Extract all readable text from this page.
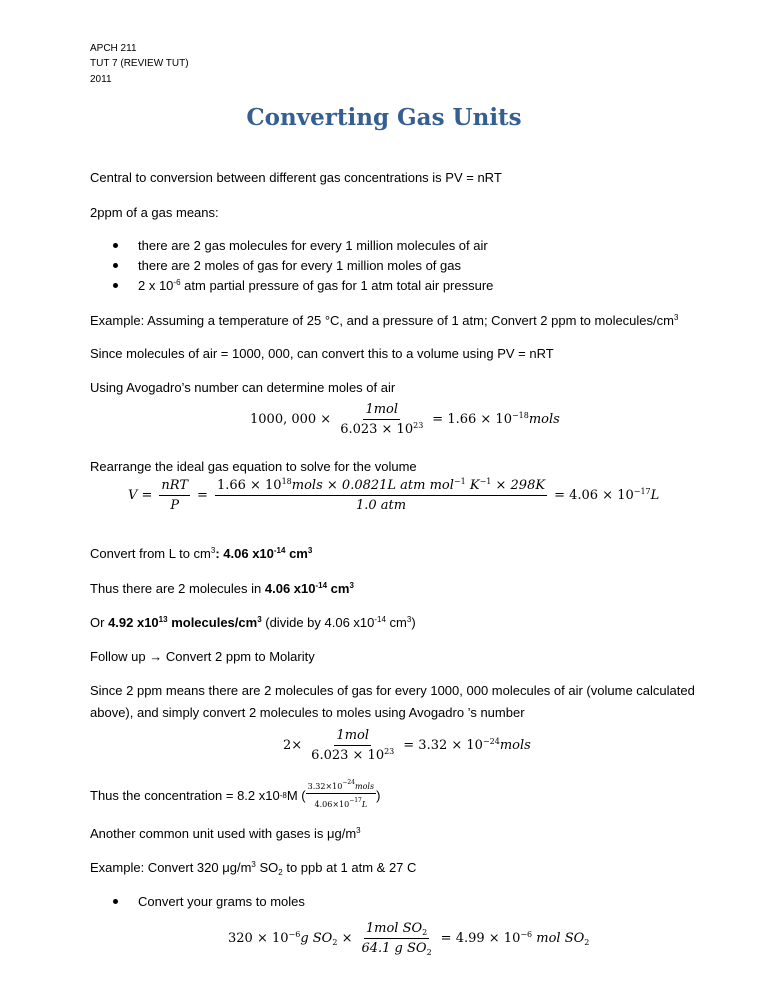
APCH 211
TUT 7 (REVIEW TUT)
2011
Converting Gas Units
Central to conversion between different gas concentrations is PV = nRT
2ppm of a gas means:
there are 2 gas molecules for every 1 million molecules of air
there are 2 moles of gas for every 1 million moles of gas
2 x $10^{-6}$ atm partial pressure of gas for 1 atm total air pressure
Example: Assuming a temperature of 25 °C, and a pressure of 1 atm; Convert 2 ppm to molecules/$cm^3$
Since molecules of air = 1000, 000, can convert this to a volume using PV = nRT
Using Avogadro’s number can determine moles of air
1000, $000 \times \frac{\text{1mol}}{6.023 \times 10^{23}} = 1.66$ × $10^{-18}mols$
Rearrange the ideal gas equation to solve for the volume
$V = \frac{\text{nRT}}{P} = \frac{1.66 \times 10^{18}mols \times 0.0821L atm mol^{-1} K^{-1} \times 298K}{\text{1.0 atm}} = 4.06 \times 10^{-17}L$
Convert from L to $cm^3$: 4.06 $x10^{-14}$ $cm^3$
Thus there are 2 molecules in 4.06 $x10^{-14}$ $cm^3$
Or 4.92 $x10^{13}$ molecules/$cm^3$ (divide by 4.06 $x10^{-14}$ $cm^3$)
Follow up → Convert 2 ppm to Molarity
Since 2 ppm means there are 2 molecules of gas for every 1000, 000 molecules of air (volume calculated
above), and simply convert 2 molecules to moles using Avogadro ’s number
$2\times \frac{\text{1mol}}{6.023 \times 10^{23}} = 3.32$ × $10^{-24}mols$
Thus the concentration = 8.2 x10 -8 M ( $\frac{3.32\times 10^{-24}mols}{4.06\times 10^{-17}L}$ )
Another common unit used with gases is $\mu g/m^3$
Example: Convert 320 $\mu g/m^3$ $SO_2$ to ppb at 1 atm & 27 C
Convert your grams to moles
$320 \times 10^{-6}g$ $SO_2 \times \frac{1mol SO_2}{64.1 g SO_2} = 4.99 \times 10^{-6}$ mol $SO_2$
